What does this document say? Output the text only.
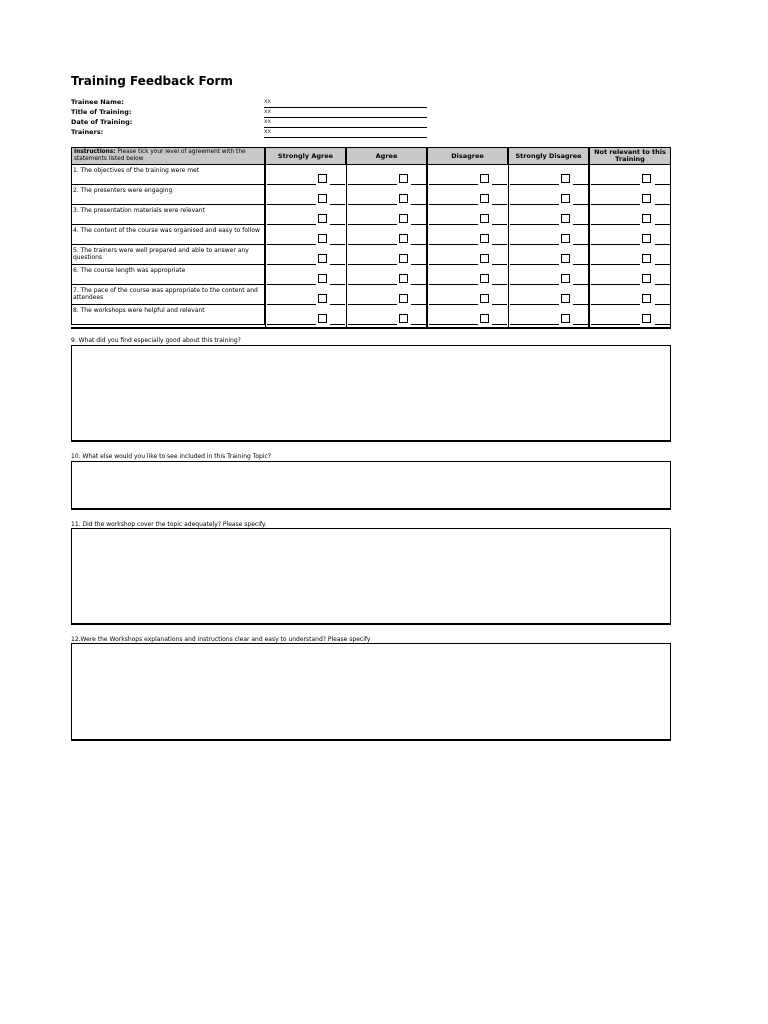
Training Feedback Form
Trainee Name:	xx
Title of Training:	xx
Date of Training:	xx
Trainers:	xx
Instructions: Please tick your level of agreement with the statements listed below	Strongly Agree	Agree	Disagree	Strongly Disagree	Not relevant to this Training
1. The objectives of the training were met
2. The presenters were engaging
3. The presentation materials were relevant
4. The content of the course was organised and easy to follow
5. The trainers were well prepared and able to answer any questions
6. The course length was appropriate
7. The pace of the course was appropriate to the content and attendees
8. The workshops were helpful and relevant
9. What did you find especially good about this training?
10. What else would you like to see included in this Training Topic?
11. Did the workshop cover the topic adequately? Please specify.
12.Were the Workshops explanations and instructions clear and easy to understand? Please specify
